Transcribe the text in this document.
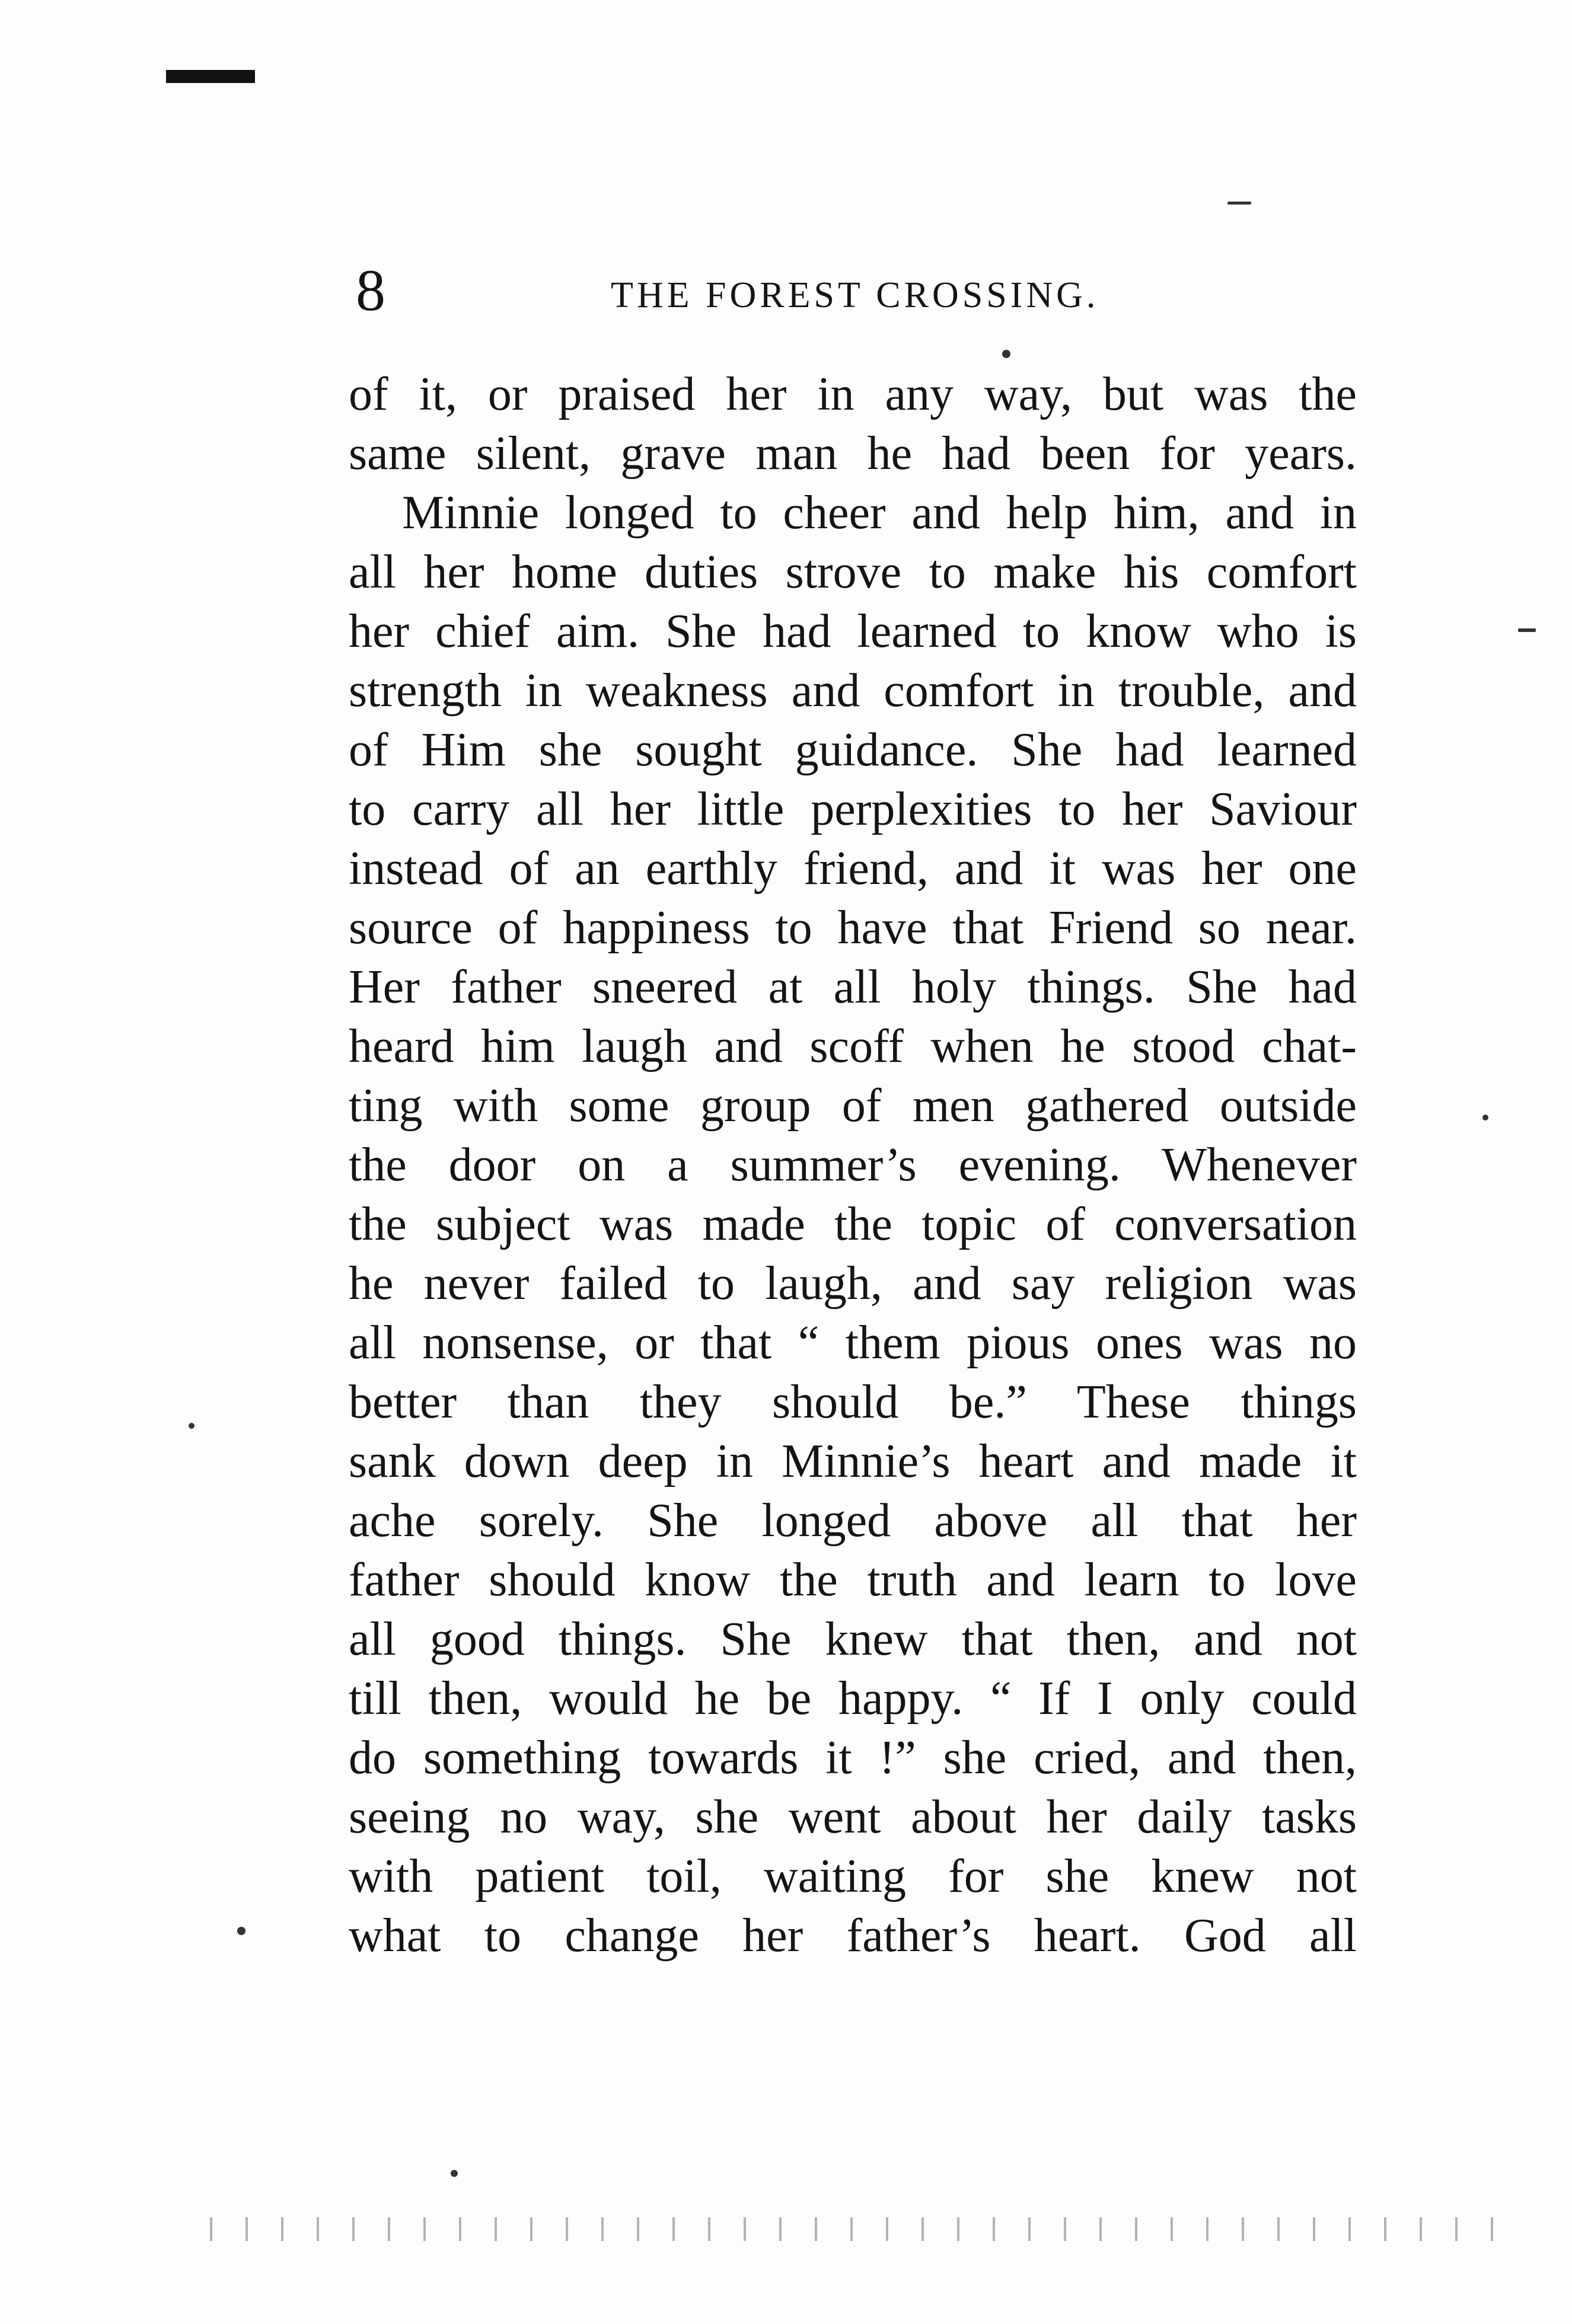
8	THE FOREST CROSSING.
of it, or praised her in any way, but was the
same silent, grave man he had been for years.
Minnie longed to cheer and help him, and in
all her home duties strove to make his comfort
her chief aim. She had learned to know who is
strength in weakness and comfort in trouble, and
of Him she sought guidance. She had learned
to carry all her little perplexities to her Saviour
instead of an earthly friend, and it was her one
source of happiness to have that Friend so near.
Her father sneered at all holy things. She had
heard him laugh and scoff when he stood chat-
ting with some group of men gathered outside
the door on a summer’s evening. Whenever
the subject was made the topic of conversation
he never failed to laugh, and say religion was
all nonsense, or that “ them pious ones was no
better than they should be.” These things
sank down deep in Minnie’s heart and made it
ache sorely. She longed above all that her
father should know the truth and learn to love
all good things. She knew that then, and not
till then, would he be happy. “ If I only could
do something towards it !” she cried, and then,
seeing no way, she went about her daily tasks
with patient toil, waiting for she knew not
what to change her father’s heart. God all
